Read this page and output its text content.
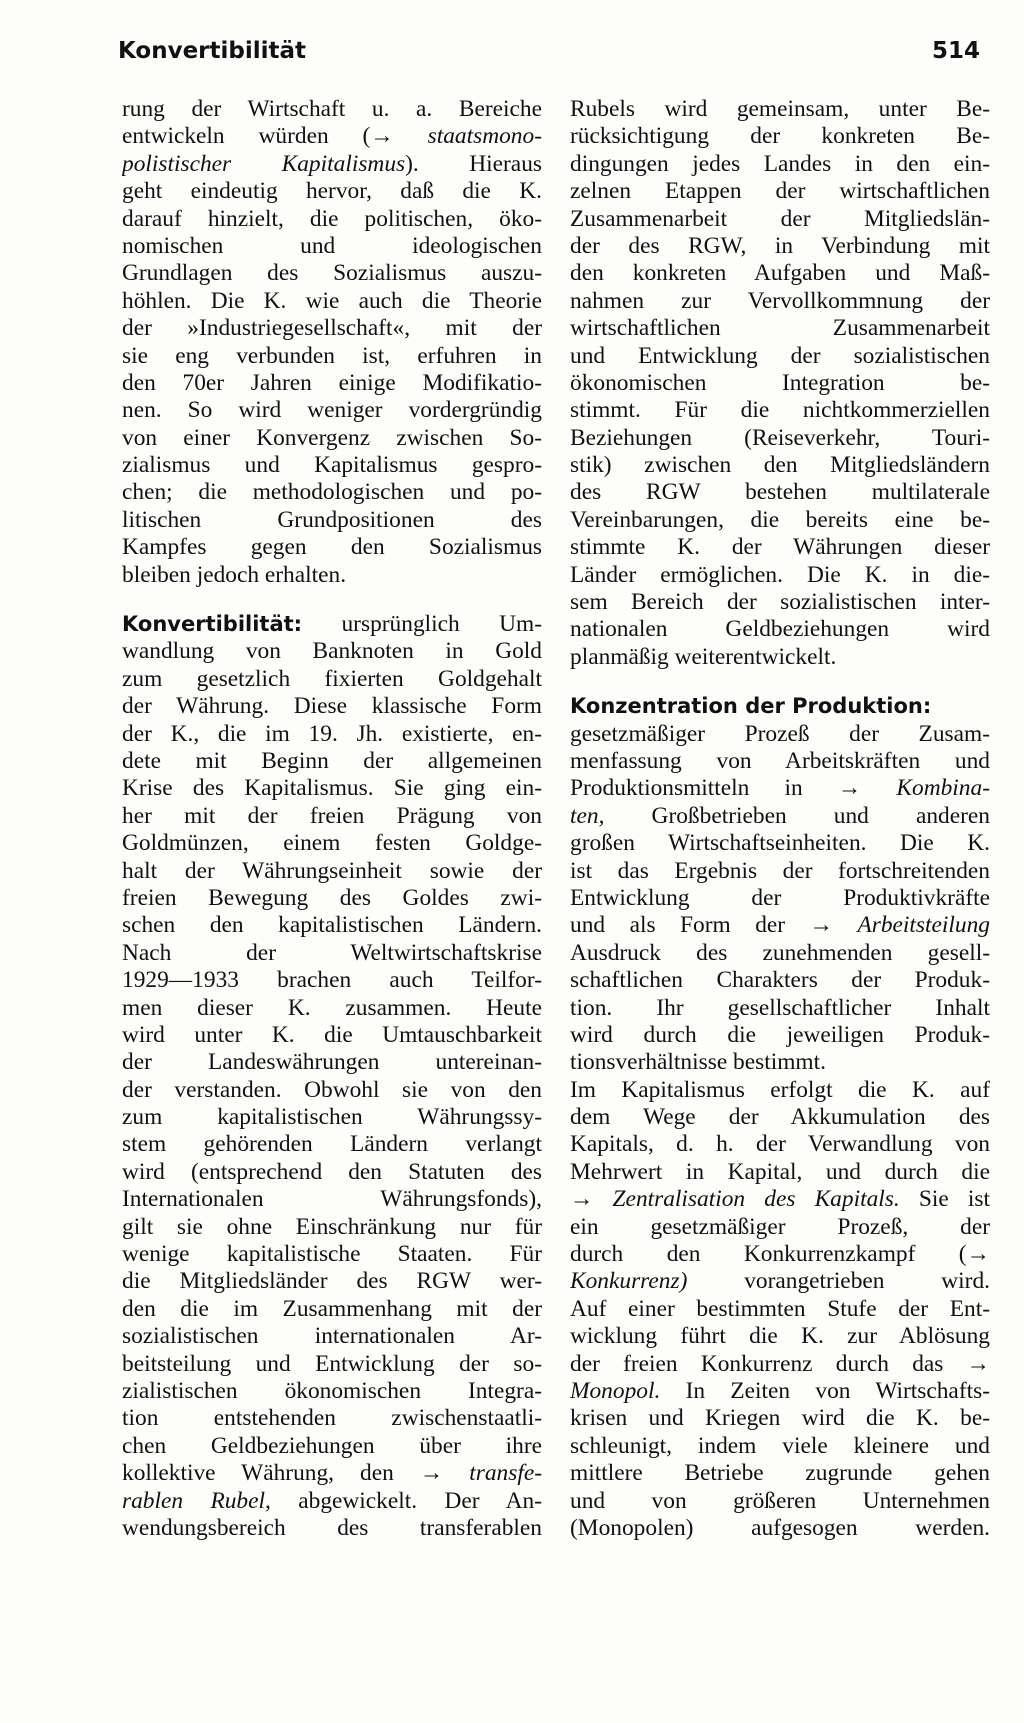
Konvertibilität	514
rung der Wirtschaft u. a. Bereiche
entwickeln würden (→ staatsmono-
polistischer Kapitalismus). Hieraus
geht eindeutig hervor, daß die K.
darauf hinzielt, die politischen, öko-
nomischen und ideologischen
Grundlagen des Sozialismus auszu-
höhlen. Die K. wie auch die Theorie
der »Industriegesellschaft«, mit der
sie eng verbunden ist, erfuhren in
den 70er Jahren einige Modifikatio-
nen. So wird weniger vordergründig
von einer Konvergenz zwischen So-
zialismus und Kapitalismus gespro-
chen; die methodologischen und po-
litischen Grundpositionen des
Kampfes gegen den Sozialismus
bleiben jedoch erhalten.
Konvertibilität: ursprünglich Um-
wandlung von Banknoten in Gold
zum gesetzlich fixierten Goldgehalt
der Währung. Diese klassische Form
der K., die im 19. Jh. existierte, en-
dete mit Beginn der allgemeinen
Krise des Kapitalismus. Sie ging ein-
her mit der freien Prägung von
Goldmünzen, einem festen Goldge-
halt der Währungseinheit sowie der
freien Bewegung des Goldes zwi-
schen den kapitalistischen Ländern.
Nach der Weltwirtschaftskrise
1929—1933 brachen auch Teilfor-
men dieser K. zusammen. Heute
wird unter K. die Umtauschbarkeit
der Landeswährungen untereinan-
der verstanden. Obwohl sie von den
zum kapitalistischen Währungssy-
stem gehörenden Ländern verlangt
wird (entsprechend den Statuten des
Internationalen Währungsfonds),
gilt sie ohne Einschränkung nur für
wenige kapitalistische Staaten. Für
die Mitgliedsländer des RGW wer-
den die im Zusammenhang mit der
sozialistischen internationalen Ar-
beitsteilung und Entwicklung der so-
zialistischen ökonomischen Integra-
tion entstehenden zwischenstaatli-
chen Geldbeziehungen über ihre
kollektive Währung, den → transfe-
rablen Rubel, abgewickelt. Der An-
wendungsbereich des transferablen
Rubels wird gemeinsam, unter Be-
rücksichtigung der konkreten Be-
dingungen jedes Landes in den ein-
zelnen Etappen der wirtschaftlichen
Zusammenarbeit der Mitgliedslän-
der des RGW, in Verbindung mit
den konkreten Aufgaben und Maß-
nahmen zur Vervollkommnung der
wirtschaftlichen Zusammenarbeit
und Entwicklung der sozialistischen
ökonomischen Integration be-
stimmt. Für die nichtkommerziellen
Beziehungen (Reiseverkehr, Touri-
stik) zwischen den Mitgliedsländern
des RGW bestehen multilaterale
Vereinbarungen, die bereits eine be-
stimmte K. der Währungen dieser
Länder ermöglichen. Die K. in die-
sem Bereich der sozialistischen inter-
nationalen Geldbeziehungen wird
planmäßig weiterentwickelt.
Konzentration der Produktion:
gesetzmäßiger Prozeß der Zusam-
menfassung von Arbeitskräften und
Produktionsmitteln in → Kombina-
ten, Großbetrieben und anderen
großen Wirtschaftseinheiten. Die K.
ist das Ergebnis der fortschreitenden
Entwicklung der Produktivkräfte
und als Form der → Arbeitsteilung
Ausdruck des zunehmenden gesell-
schaftlichen Charakters der Produk-
tion. Ihr gesellschaftlicher Inhalt
wird durch die jeweiligen Produk-
tionsverhältnisse bestimmt.
Im Kapitalismus erfolgt die K. auf
dem Wege der Akkumulation des
Kapitals, d. h. der Verwandlung von
Mehrwert in Kapital, und durch die
→ Zentralisation des Kapitals. Sie ist
ein gesetzmäßiger Prozeß, der
durch den Konkurrenzkampf (→
Konkurrenz) vorangetrieben wird.
Auf einer bestimmten Stufe der Ent-
wicklung führt die K. zur Ablösung
der freien Konkurrenz durch das →
Monopol. In Zeiten von Wirtschafts-
krisen und Kriegen wird die K. be-
schleunigt, indem viele kleinere und
mittlere Betriebe zugrunde gehen
und von größeren Unternehmen
(Monopolen) aufgesogen werden.
